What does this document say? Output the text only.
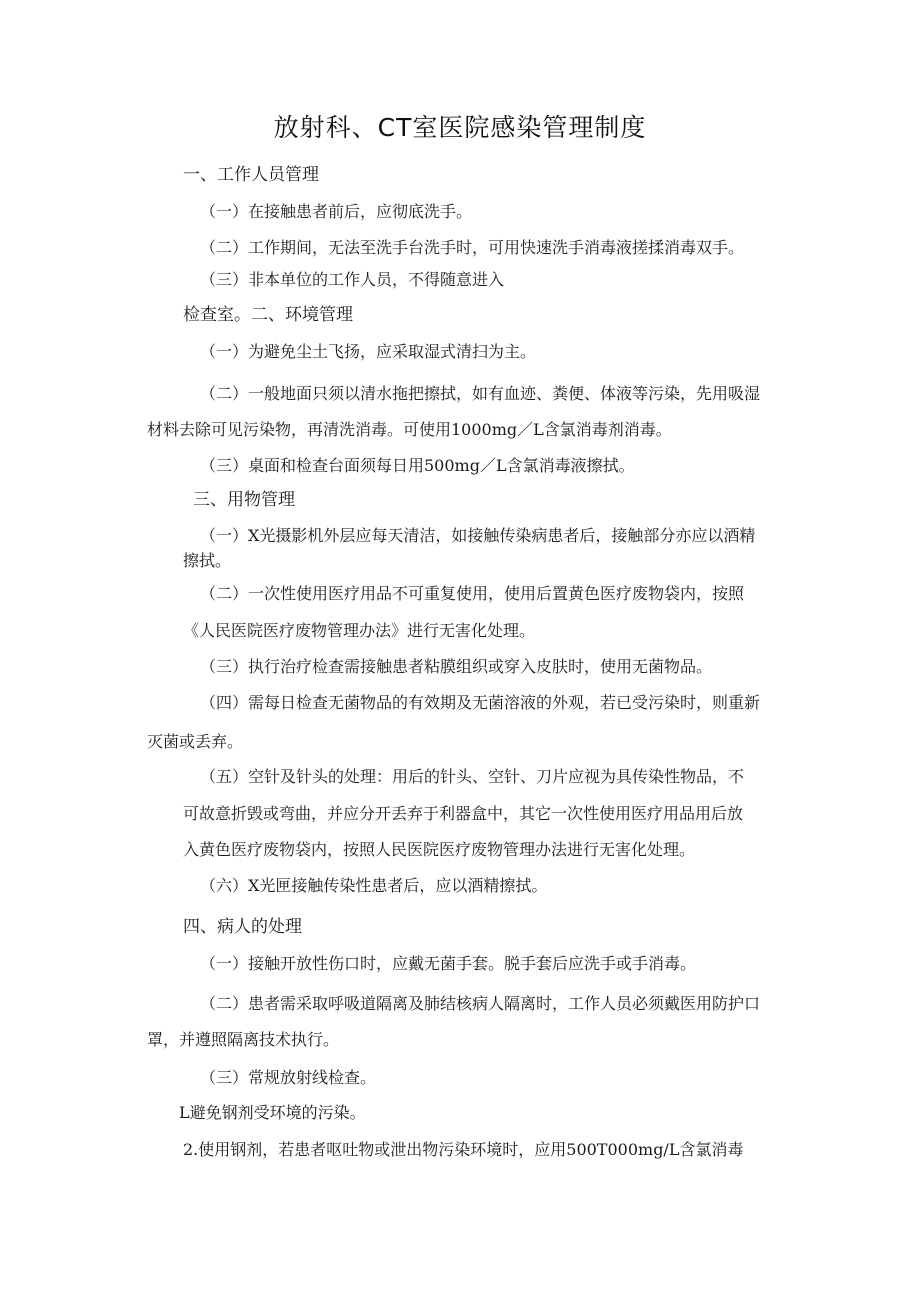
放射科、CT室医院感染管理制度
一、工作人员管理
（一）在接触患者前后，应彻底洗手。
（二）工作期间，无法至洗手台洗手时，可用快速洗手消毒液搓揉消毒双手。
（三）非本单位的工作人员，不得随意进入
检查室。二、环境管理
（一）为避免尘土飞扬，应采取湿式清扫为主。
（二）一般地面只须以清水拖把擦拭，如有血迹、粪便、体液等污染，先用吸湿
材料去除可见污染物，再清洗消毒。可使用1000mg／L含氯消毒剂消毒。
（三）桌面和检查台面须每日用500mg／L含氯消毒液擦拭。
三、用物管理
（一）X光摄影机外层应每天清洁，如接触传染病患者后，接触部分亦应以酒精
擦拭。
（二）一次性使用医疗用品不可重复使用，使用后置黄色医疗废物袋内，按照
《人民医院医疗废物管理办法》进行无害化处理。
（三）执行治疗检查需接触患者粘膜组织或穿入皮肤时，使用无菌物品。
（四）需每日检查无菌物品的有效期及无菌溶液的外观，若已受污染时，则重新
灭菌或丢弃。
（五）空针及针头的处理：用后的针头、空针、刀片应视为具传染性物品，不
可故意折毁或弯曲，并应分开丢弃于利器盒中，其它一次性使用医疗用品用后放
入黄色医疗废物袋内，按照人民医院医疗废物管理办法进行无害化处理。
（六）X光匣接触传染性患者后，应以酒精擦拭。
四、病人的处理
（一）接触开放性伤口时，应戴无菌手套。脱手套后应洗手或手消毒。
（二）患者需采取呼吸道隔离及肺结核病人隔离时，工作人员必须戴医用防护口
罩，并遵照隔离技术执行。
（三）常规放射线检查。
L避免钢剂受环境的污染。
2.使用钢剂，若患者呕吐物或泄出物污染环境时，应用500T000mg/L含氯消毒
